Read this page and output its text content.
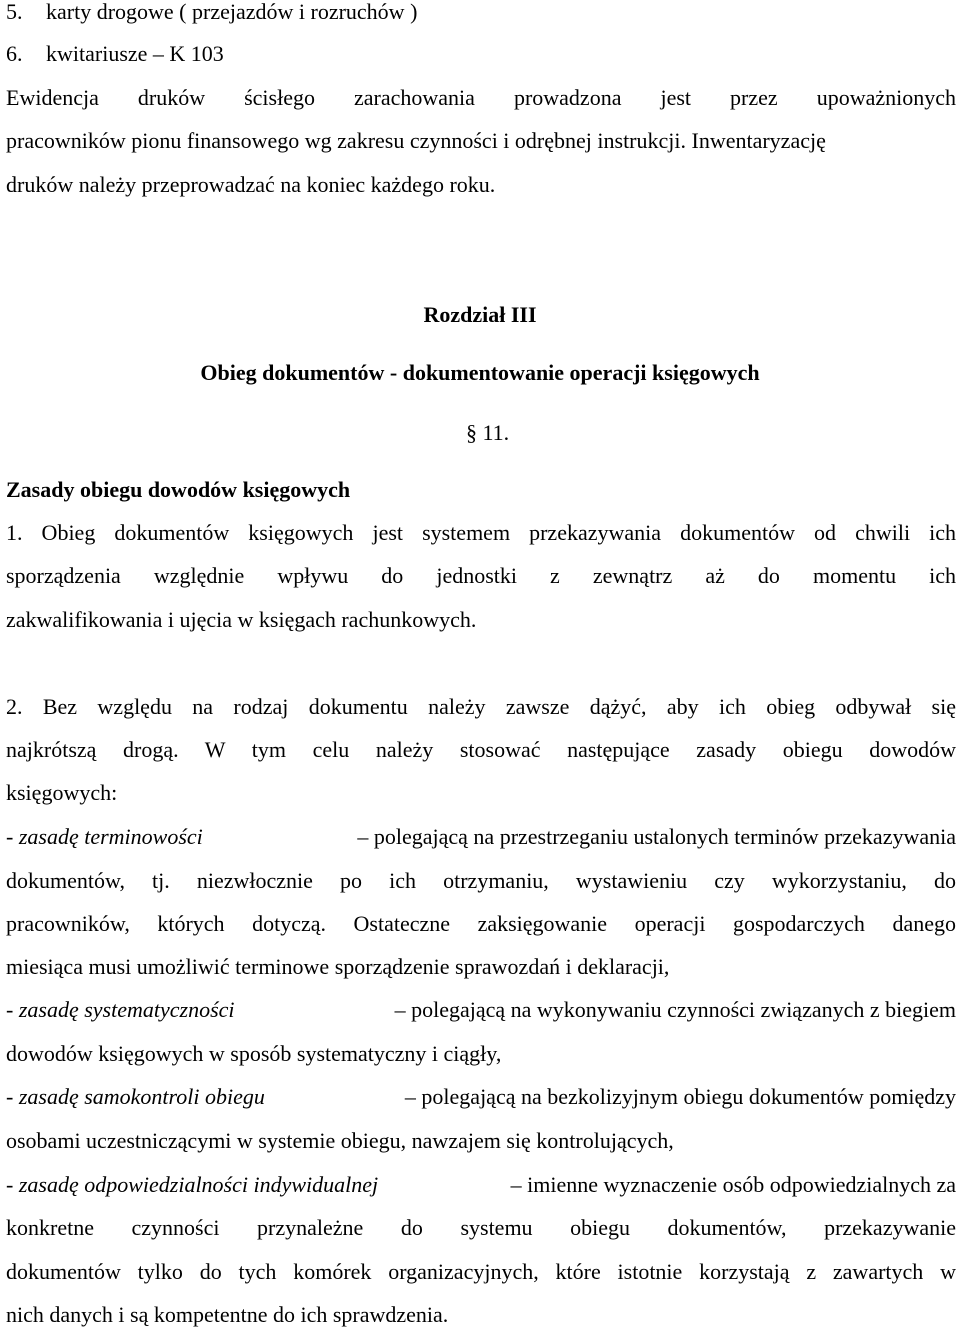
5. karty drogowe ( przejazdów i rozruchów )
6. kwitariusze – K 103
Ewidencja druków ścisłego zarachowania prowadzona jest przez upoważnionych
pracowników pionu finansowego wg zakresu czynności i odrębnej instrukcji. Inwentaryzację
druków należy przeprowadzać na koniec każdego roku.
Rozdział III
Obieg dokumentów - dokumentowanie operacji księgowych
§ 11.
Zasady obiegu dowodów księgowych
1. Obieg dokumentów księgowych jest systemem przekazywania dokumentów od chwili ich
sporządzenia względnie wpływu do jednostki z zewnątrz aż do momentu ich
zakwalifikowania i ujęcia w księgach rachunkowych.
2. Bez względu na rodzaj dokumentu należy zawsze dążyć, aby ich obieg odbywał się
najkrótszą drogą. W tym celu należy stosować następujące zasady obiegu dowodów
księgowych:
- zasadę terminowości	– polegającą na przestrzeganiu ustalonych terminów przekazywania
dokumentów, tj. niezwłocznie po ich otrzymaniu, wystawieniu czy wykorzystaniu, do
pracowników, których dotyczą. Ostateczne zaksięgowanie operacji gospodarczych danego
miesiąca musi umożliwić terminowe sporządzenie sprawozdań i deklaracji,
- zasadę systematyczności	– polegającą na wykonywaniu czynności związanych z biegiem
dowodów księgowych w sposób systematyczny i ciągły,
- zasadę samokontroli obiegu	– polegającą na bezkolizyjnym obiegu dokumentów pomiędzy
osobami uczestniczącymi w systemie obiegu, nawzajem się kontrolujących,
- zasadę odpowiedzialności indywidualnej	– imienne wyznaczenie osób odpowiedzialnych za
konkretne czynności przynależne do systemu obiegu dokumentów, przekazywanie
dokumentów tylko do tych komórek organizacyjnych, które istotnie korzystają z zawartych w
nich danych i są kompetentne do ich sprawdzenia.
